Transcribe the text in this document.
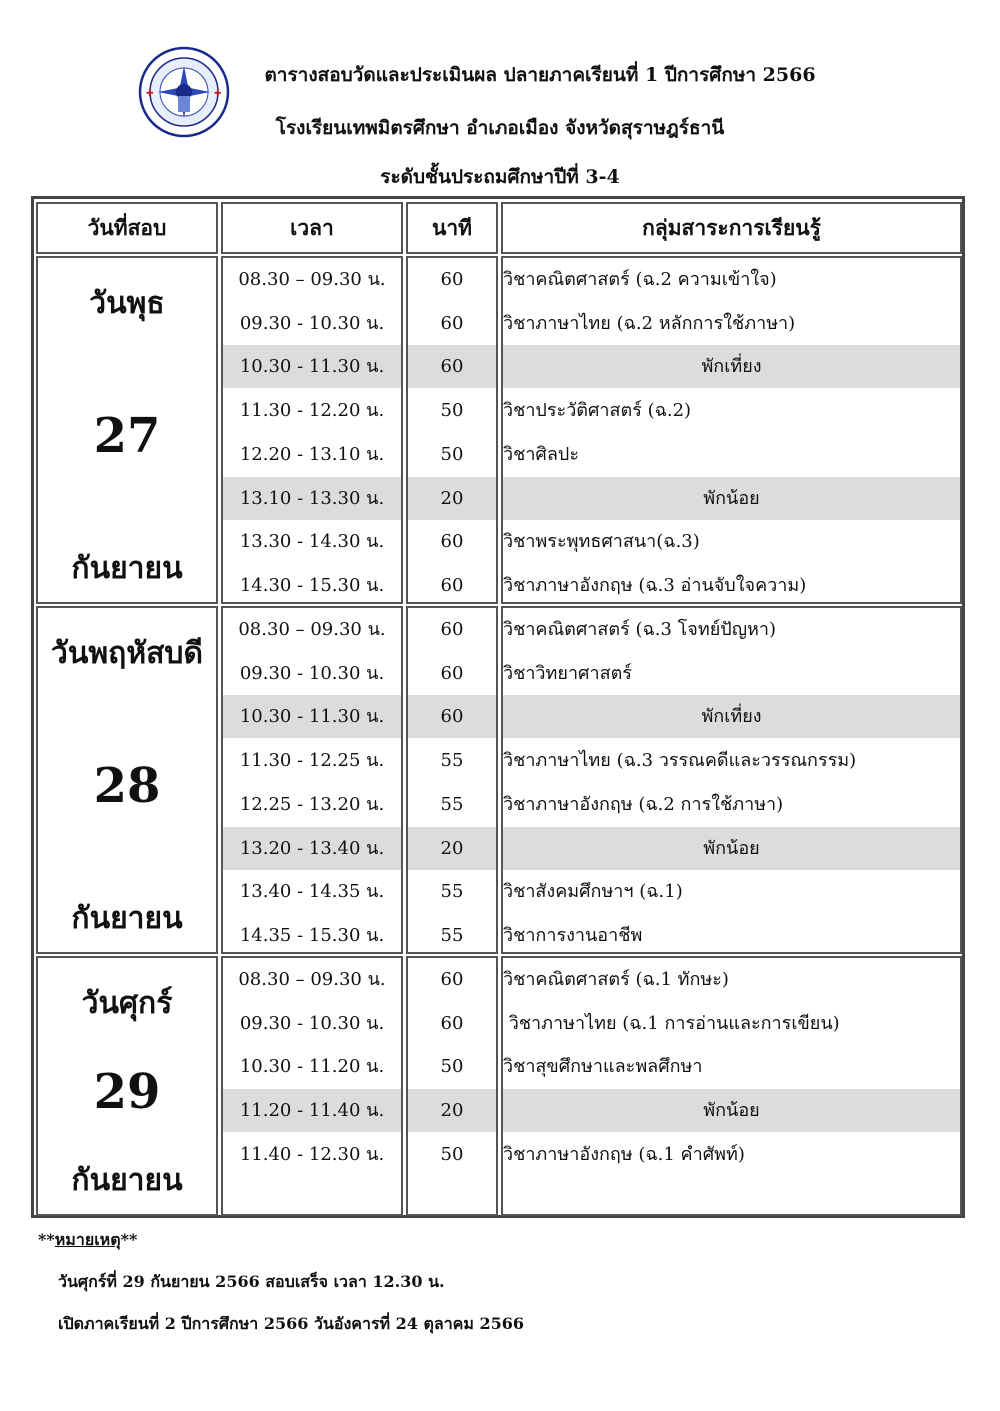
✚	✚
ตารางสอบวัดและประเมินผล ปลายภาคเรียนที่ 1 ปีการศึกษา 2566
โรงเรียนเทพมิตรศึกษา อำเภอเมือง จังหวัดสุราษฎร์ธานี
ระดับชั้นประถมศึกษาปีที่ 3-4
วันที่สอบ	เวลา	นาที	กลุ่มสาระการเรียนรู้
วันพุธ
27
กันยายน
08.30 – 09.30 น.	60	วิชาคณิตศาสตร์ (ฉ.2 ความเข้าใจ)
09.30 - 10.30 น.	60	วิชาภาษาไทย (ฉ.2 หลักการใช้ภาษา)
10.30 - 11.30 น.	60	พักเที่ยง
11.30 - 12.20 น.	50	วิชาประวัติศาสตร์ (ฉ.2)
12.20 - 13.10 น.	50	วิชาศิลปะ
13.10 - 13.30 น.	20	พักน้อย
13.30 - 14.30 น.	60	วิชาพระพุทธศาสนา(ฉ.3)
14.30 - 15.30 น.	60	วิชาภาษาอังกฤษ (ฉ.3 อ่านจับใจความ)
วันพฤหัสบดี
28
กันยายน
08.30 – 09.30 น.	60	วิชาคณิตศาสตร์ (ฉ.3 โจทย์ปัญหา)
09.30 - 10.30 น.	60	วิชาวิทยาศาสตร์
10.30 - 11.30 น.	60	พักเที่ยง
11.30 - 12.25 น.	55	วิชาภาษาไทย (ฉ.3 วรรณคดีและวรรณกรรม)
12.25 - 13.20 น.	55	วิชาภาษาอังกฤษ (ฉ.2 การใช้ภาษา)
13.20 - 13.40 น.	20	พักน้อย
13.40 - 14.35 น.	55	วิชาสังคมศึกษาฯ (ฉ.1)
14.35 - 15.30 น.	55	วิชาการงานอาชีพ
วันศุกร์
29
กันยายน
08.30 – 09.30 น.	60	วิชาคณิตศาสตร์ (ฉ.1 ทักษะ)
09.30 - 10.30 น.	60	วิชาภาษาไทย (ฉ.1 การอ่านและการเขียน)
10.30 - 11.20 น.	50	วิชาสุขศึกษาและพลศึกษา
11.20 - 11.40 น.	20	พักน้อย
11.40 - 12.30 น.	50	วิชาภาษาอังกฤษ (ฉ.1 คำศัพท์)
**หมายเหตุ**
วันศุกร์ที่ 29 กันยายน 2566 สอบเสร็จ เวลา 12.30 น.
เปิดภาคเรียนที่ 2 ปีการศึกษา 2566 วันอังคารที่ 24 ตุลาคม 2566
